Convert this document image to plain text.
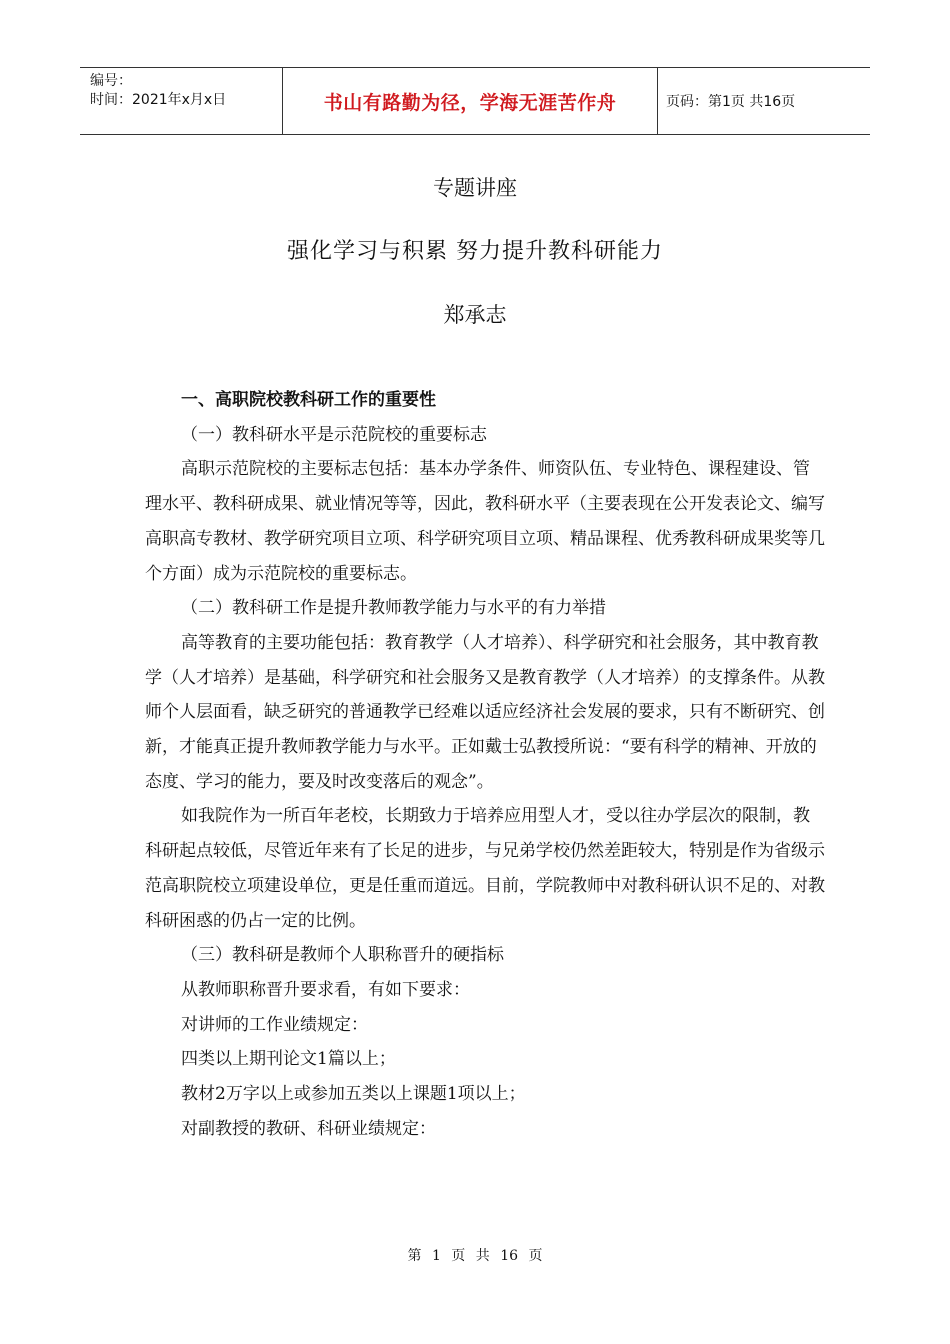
编号：
时间：2021年x月x日	书山有路勤为径，学海无涯苦作舟	页码：第1页 共16页
专题讲座
强化学习与积累 努力提升教科研能力
郑承志

一、高职院校教科研工作的重要性

（一）教科研水平是示范院校的重要标志

高职示范院校的主要标志包括：基本办学条件、师资队伍、专业特色、课程建设、管理水平、教科研成果、就业情况等等，因此，教科研水平（主要表现在公开发表论文、编写高职高专教材、教学研究项目立项、科学研究项目立项、精品课程、优秀教科研成果奖等几个方面）成为示范院校的重要标志。

（二）教科研工作是提升教师教学能力与水平的有力举措

高等教育的主要功能包括：教育教学（人才培养）、科学研究和社会服务，其中教育教学（人才培养）是基础，科学研究和社会服务又是教育教学（人才培养）的支撑条件。从教师个人层面看，缺乏研究的普通教学已经难以适应经济社会发展的要求，只有不断研究、创新，才能真正提升教师教学能力与水平。正如戴士弘教授所说：“要有科学的精神、开放的态度、学习的能力，要及时改变落后的观念”。

如我院作为一所百年老校，长期致力于培养应用型人才，受以往办学层次的限制，教科研起点较低，尽管近年来有了长足的进步，与兄弟学校仍然差距较大，特别是作为省级示范高职院校立项建设单位，更是任重而道远。目前，学院教师中对教科研认识不足的、对教科研困惑的仍占一定的比例。

（三）教科研是教师个人职称晋升的硬指标

从教师职称晋升要求看，有如下要求：

对讲师的工作业绩规定：

四类以上期刊论文1篇以上；

教材2万字以上或参加五类以上课题1项以上；

对副教授的教研、科研业绩规定：

第 1 页 共 16 页
